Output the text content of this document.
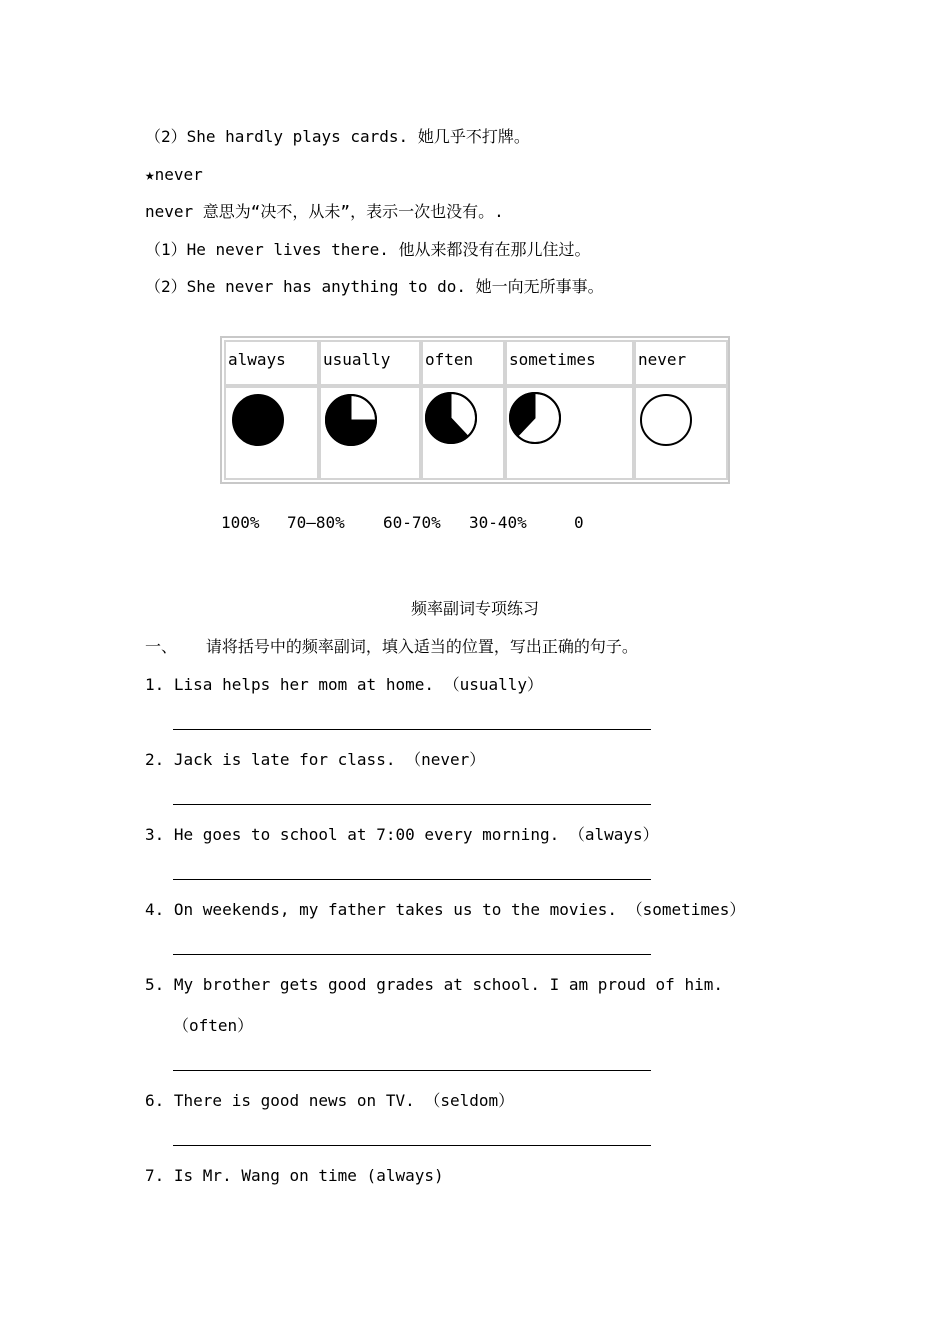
（2）She hardly plays cards. 她几乎不打牌。
★never
never 意思为“决不，从未”，表示一次也没有。.
（1）He never lives there. 他从来都没有在那儿住过。
（2）She never has anything to do. 她一向无所事事。
always usually often sometimes	never
100% 70—80% 60-70% 30-40%	0
频率副词专项练习
一、   请将括号中的频率副词，填入适当的位置，写出正确的句子。
1. Lisa helps her mom at home. （usually）
2. Jack is late for class. （never）
3. He goes to school at 7:00 every morning. （always）
4. On weekends, my father takes us to the movies. （sometimes）
5. My brother gets good grades at school. I am proud of him.
（often）
6. There is good news on TV. （seldom）
7. Is Mr. Wang on time (always)
